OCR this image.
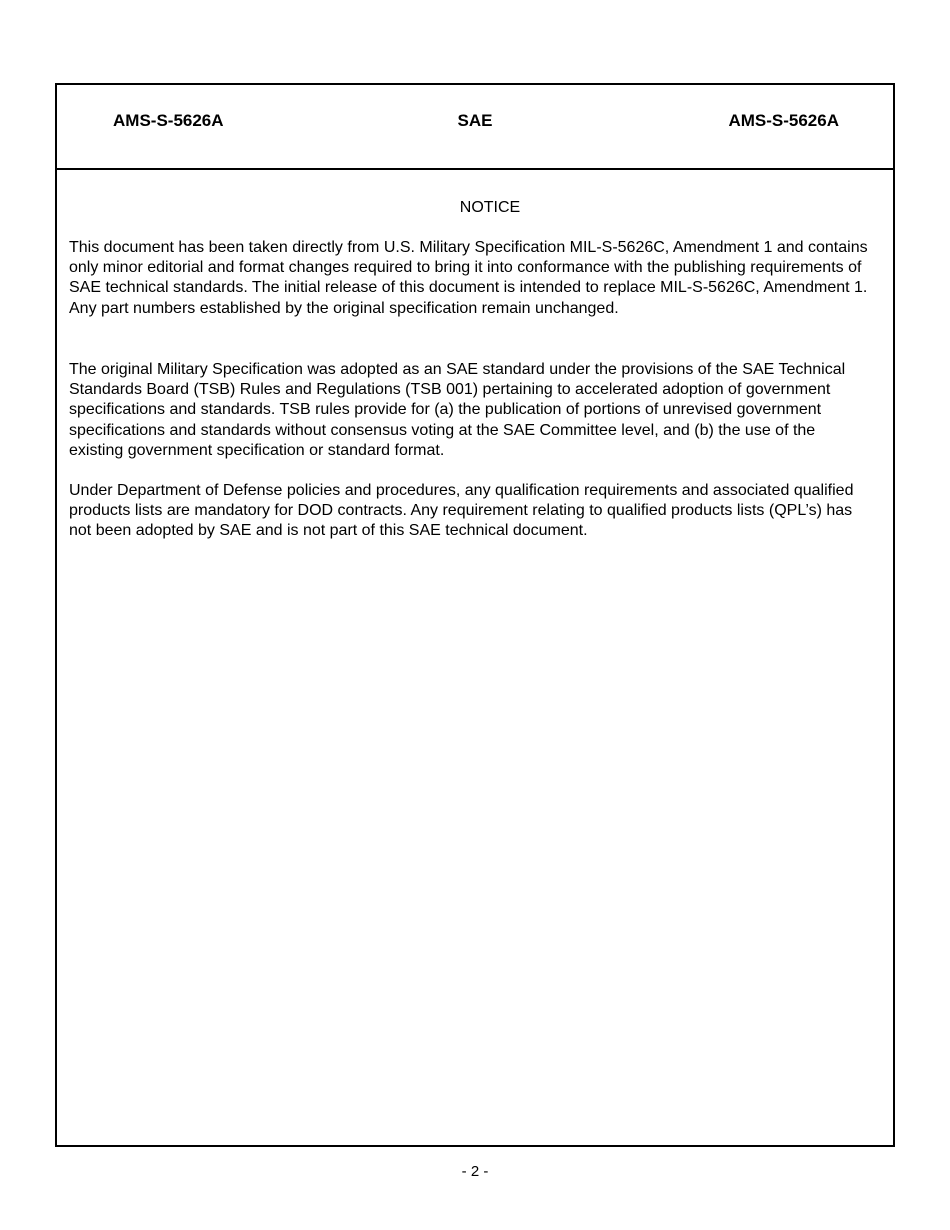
AMS-S-5626A	SAE	AMS-S-5626A
NOTICE

This document has been taken directly from U.S. Military Specification MIL-S-5626C, Amendment 1 and contains only minor editorial and format changes required to bring it into conformance with the publishing requirements of SAE technical standards. The initial release of this document is intended to replace MIL-S-5626C, Amendment 1. Any part numbers established by the original specification remain unchanged.

The original Military Specification was adopted as an SAE standard under the provisions of the SAE Technical Standards Board (TSB) Rules and Regulations (TSB 001) pertaining to accelerated adoption of government specifications and standards. TSB rules provide for (a) the publication of portions of unrevised government specifications and standards without consensus voting at the SAE Committee level, and (b) the use of the existing government specification or standard format.

Under Department of Defense policies and procedures, any qualification requirements and associated qualified products lists are mandatory for DOD contracts. Any requirement relating to qualified products lists (QPL’s) has not been adopted by SAE and is not part of this SAE technical document.

- 2 -
